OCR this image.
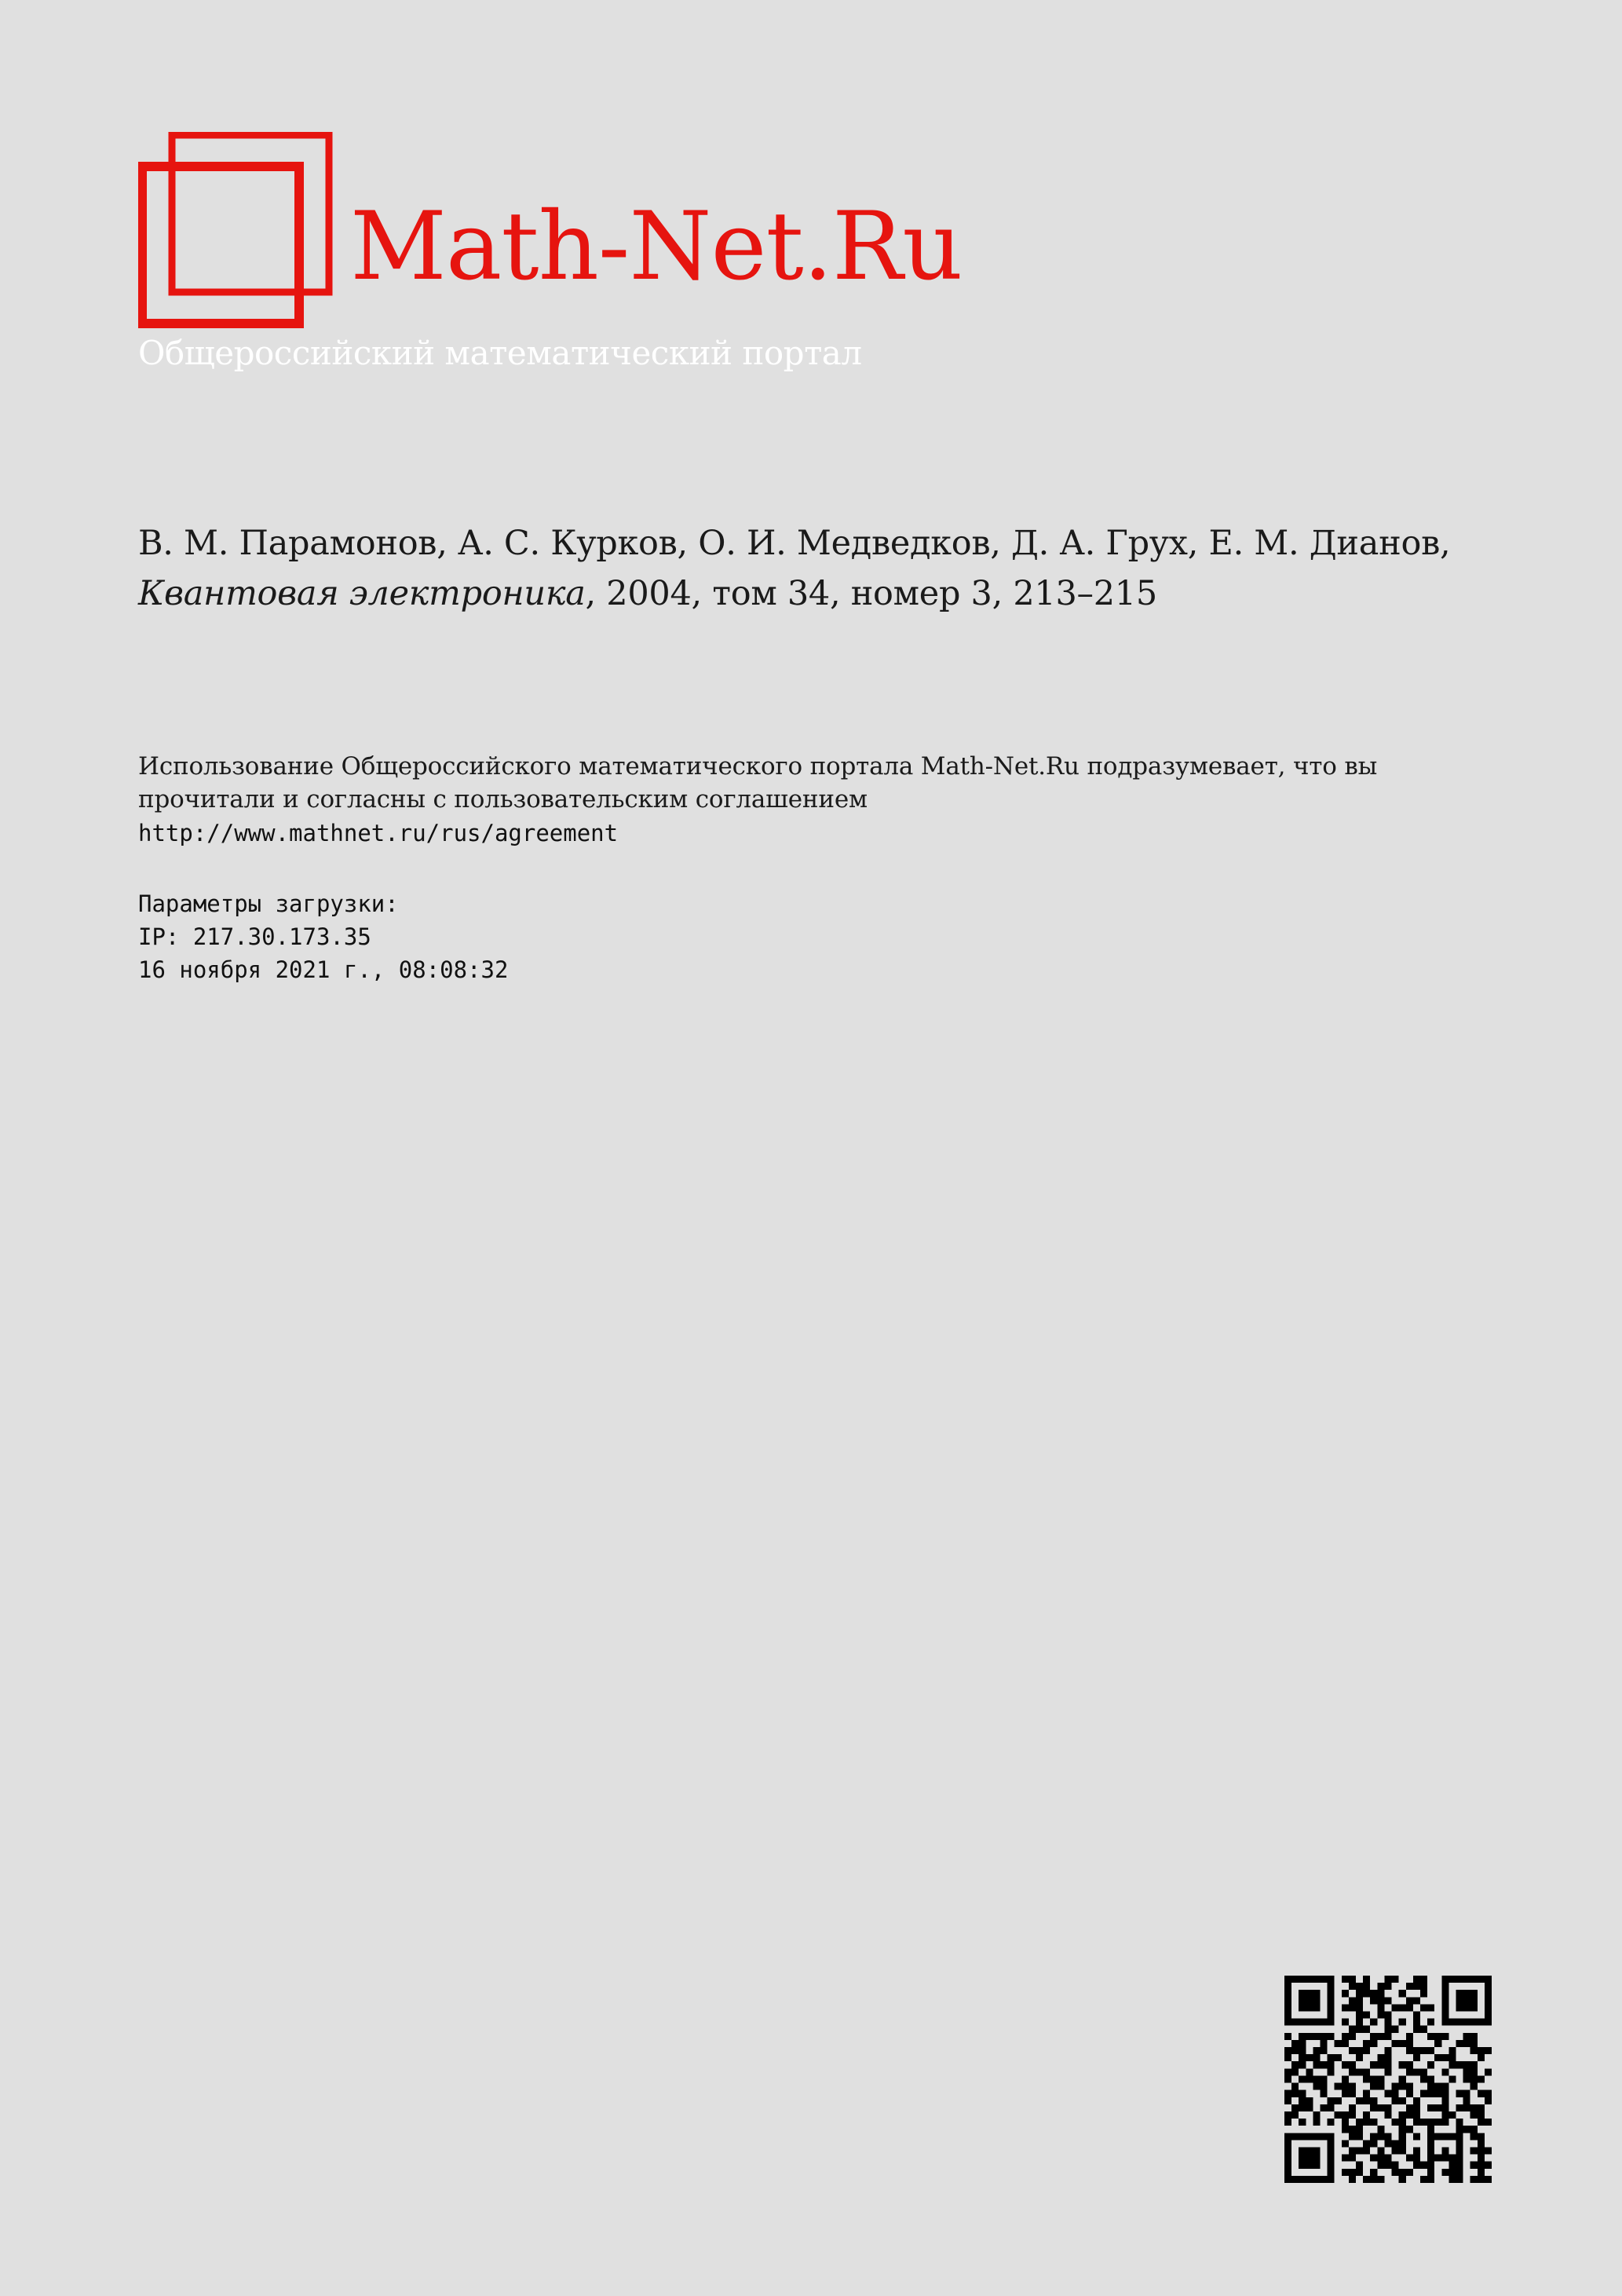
Math-Net.Ru
Общероссийский математический портал
В. М. Парамонов, А. С. Курков, О. И. Медведков, Д. А. Грух, Е. М. Дианов,
Квантовая электроника, 2004, том 34, номер 3, 213–215
Использование Общероссийского математического портала Math-Net.Ru подразумевает, что вы прочитали и согласны с пользовательским соглашением
http://www.mathnet.ru/rus/agreement
Параметры загрузки:
IP: 217.30.173.35
16 ноября 2021 г., 08:08:32
